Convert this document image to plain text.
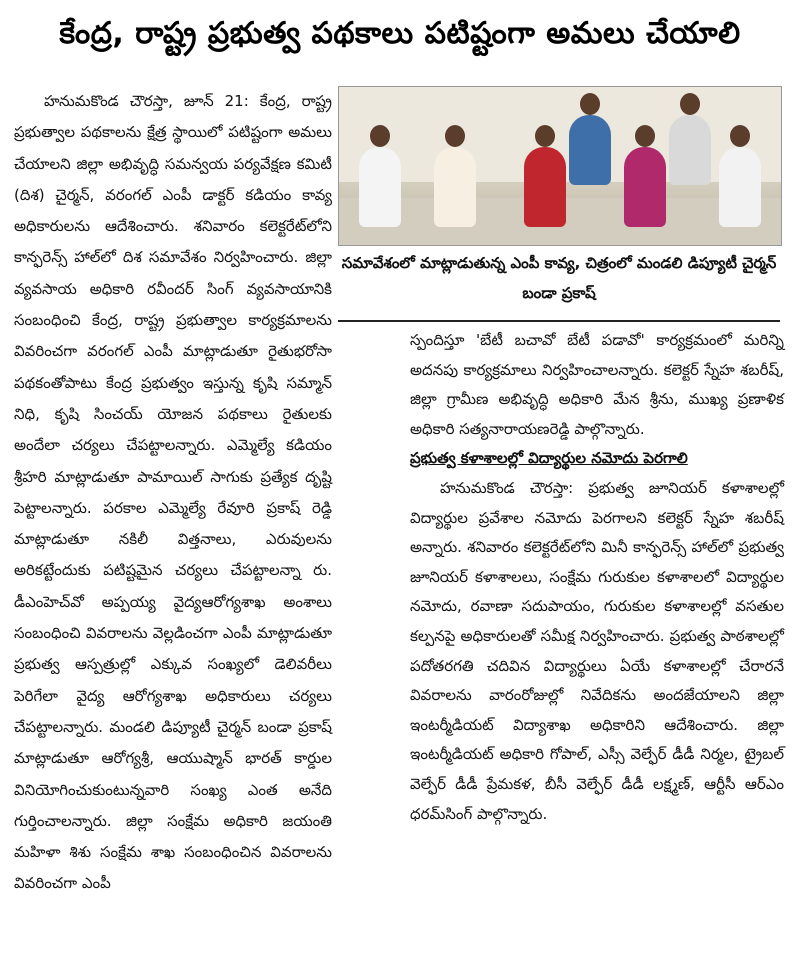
కేంద్ర, రాష్ట్ర ప్రభుత్వ పథకాలు పటిష్టంగా అమలు చేయాలి

హనుమకొండ చౌరస్తా, జూన్ 21: కేంద్ర, రాష్ట్ర ప్రభుత్వాల పథకాలను క్షేత్ర స్థాయిలో పటిష్టంగా అమలు చేయాలని జిల్లా అభివృద్ధి సమన్వయ పర్యవేక్షణ కమిటీ (దిశ) చైర్మన్, వరంగల్ ఎంపీ డాక్టర్ కడియం కావ్య అధికారులను ఆదేశించారు. శనివారం కలెక్టరేట్‌లోని కాన్ఫరెన్స్ హాల్‌లో దిశ సమావేశం నిర్వహించారు. జిల్లా వ్యవసాయ అధికారి రవీందర్ సింగ్ వ్యవసాయానికి సంబంధించి కేంద్ర, రాష్ట్ర ప్రభుత్వాల కార్యక్రమాలను వివరించగా వరంగల్ ఎంపీ మాట్లాడుతూ రైతుభరోసా పథకంతోపాటు కేంద్ర ప్రభుత్వం ఇస్తున్న కృషి సమ్మాన్ నిధి, కృషి సించయ్ యోజన పథకాలు రైతులకు అందేలా చర్యలు చేపట్టాలన్నారు. ఎమ్మెల్యే కడియం శ్రీహరి మాట్లాడుతూ పామాయిల్ సాగుకు ప్రత్యేక దృష్టి పెట్టాలన్నారు. పరకాల ఎమ్మెల్యే రేవూరి ప్రకాష్ రెడ్డి మాట్లాడుతూ నకిలీ విత్తనాలు, ఎరువులను అరికట్టేందుకు పటిష్టమైన చర్యలు చేపట్టాలన్నా రు. డీఎంహెచ్‌వో అప్పయ్య వైద్యఆరోగ్యశాఖ అంశాలు సంబంధించి వివరాలను వెల్లడించగా ఎంపీ మాట్లాడుతూ ప్రభుత్వ ఆస్పత్రుల్లో ఎక్కువ సంఖ్యలో డెలివరీలు పెరిగేలా వైద్య ఆరోగ్యశాఖ అధికారులు చర్యలు చేపట్టాలన్నారు. మండలి డిప్యూటీ చైర్మన్ బండా ప్రకాష్ మాట్లాడుతూ ఆరోగ్యశ్రీ, ఆయుష్మాన్ భారత్ కార్డుల వినియోగించుకుంటున్నవారి సంఖ్య ఎంత అనేది గుర్తించాలన్నారు. జిల్లా సంక్షేమ అధికారి జయంతి మహిళా శిశు సంక్షేమ శాఖ సంబంధించిన వివరాలను వివరించగా ఎంపీ

సమావేశంలో మాట్లాడుతున్న ఎంపీ కావ్య, చిత్రంలో మండలి డిప్యూటీ చైర్మన్ బండా ప్రకాష్

స్పందిస్తూ 'బేటీ బచావో బేటీ పడావో' కార్యక్రమంలో మరిన్ని అదనపు కార్యక్రమాలు నిర్వహించాలన్నారు. కలెక్టర్ స్నేహ శబరీష్, జిల్లా గ్రామీణ అభివృద్ధి అధికారి మేన శ్రీను, ముఖ్య ప్రణాళిక అధికారి సత్యనారాయణరెడ్డి పాల్గొన్నారు.

ప్రభుత్వ కళాశాలల్లో విద్యార్థుల నమోదు పెరగాలి

హనుమకొండ చౌరస్తా: ప్రభుత్వ జూనియర్ కళాశాలల్లో విద్యార్థుల ప్రవేశాల నమోదు పెరగాలని కలెక్టర్ స్నేహ శబరీష్ అన్నారు. శనివారం కలెక్టరేట్‌లోని మినీ కాన్ఫరెన్స్ హాల్‌లో ప్రభుత్వ జూనియర్ కళాశాలలు, సంక్షేమ గురుకుల కళాశాలలో విద్యార్థుల నమోదు, రవాణా సదుపాయం, గురుకుల కళాశాలల్లో వసతుల కల్పనపై అధికారులతో సమీక్ష నిర్వహించారు. ప్రభుత్వ పాఠశాలల్లో పదోతరగతి చదివిన విద్యార్థులు ఏయే కళాశాలల్లో చేరారనే వివరాలను వారంరోజుల్లో నివేదికను అందజేయాలని జిల్లా ఇంటర్మీడియట్ విద్యాశాఖ అధికారిని ఆదేశించారు. జిల్లా ఇంటర్మీడియట్ అధికారి గోపాల్, ఎస్సీ వెల్ఫేర్ డీడీ నిర్మల, ట్రైబల్ వెల్ఫేర్ డీడీ ప్రేమకళ, బీసీ వెల్ఫేర్ డీడీ లక్ష్మణ్, ఆర్టీసీ ఆర్ఎం ధరమ్‌సింగ్ పాల్గొన్నారు.
